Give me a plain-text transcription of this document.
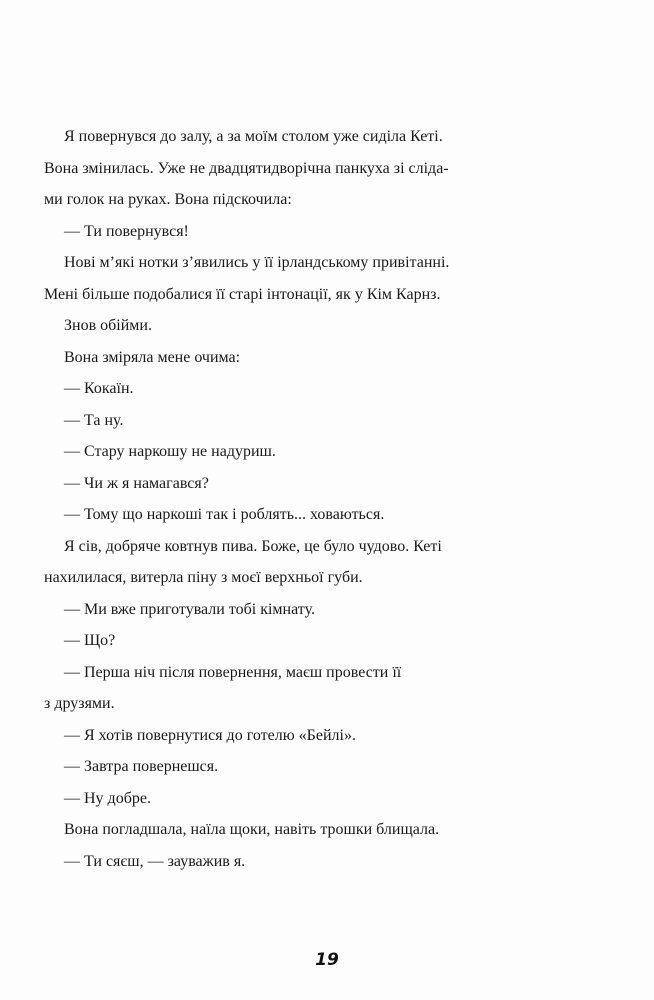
Я повернувся до залу, а за моїм столом уже сиділа Кеті.
Вона змінилась. Уже не двадцятидворічна панкуха зі слiда-
ми голок на руках. Вона підскочила:
— Ти повернувся!
Нові м’які нотки з’явились у її ірландському привітанні.
Мені більше подобалися її старі інтонації, як у Кім Карнз.
Знов обійми.
Вона зміряла мене очима:
— Кокаїн.
— Та ну.
— Стару наркошу не надуриш.
— Чи ж я намагався?
— Тому що наркоші так і роблять... ховаються.
Я сів, добряче ковтнув пива. Боже, це було чудово. Кеті
нахилилася, витерла піну з моєї верхньої губи.
— Ми вже приготували тобі кімнату.
— Що?
— Перша ніч після повернення, маєш провести її
з друзями.
— Я хотів повернутися до готелю «Бейлі».
— Завтра повернешся.
— Ну добре.
Вона погладшала, наїла щоки, навіть трошки блищала.
— Ти сяєш, — зауважив я.
19
